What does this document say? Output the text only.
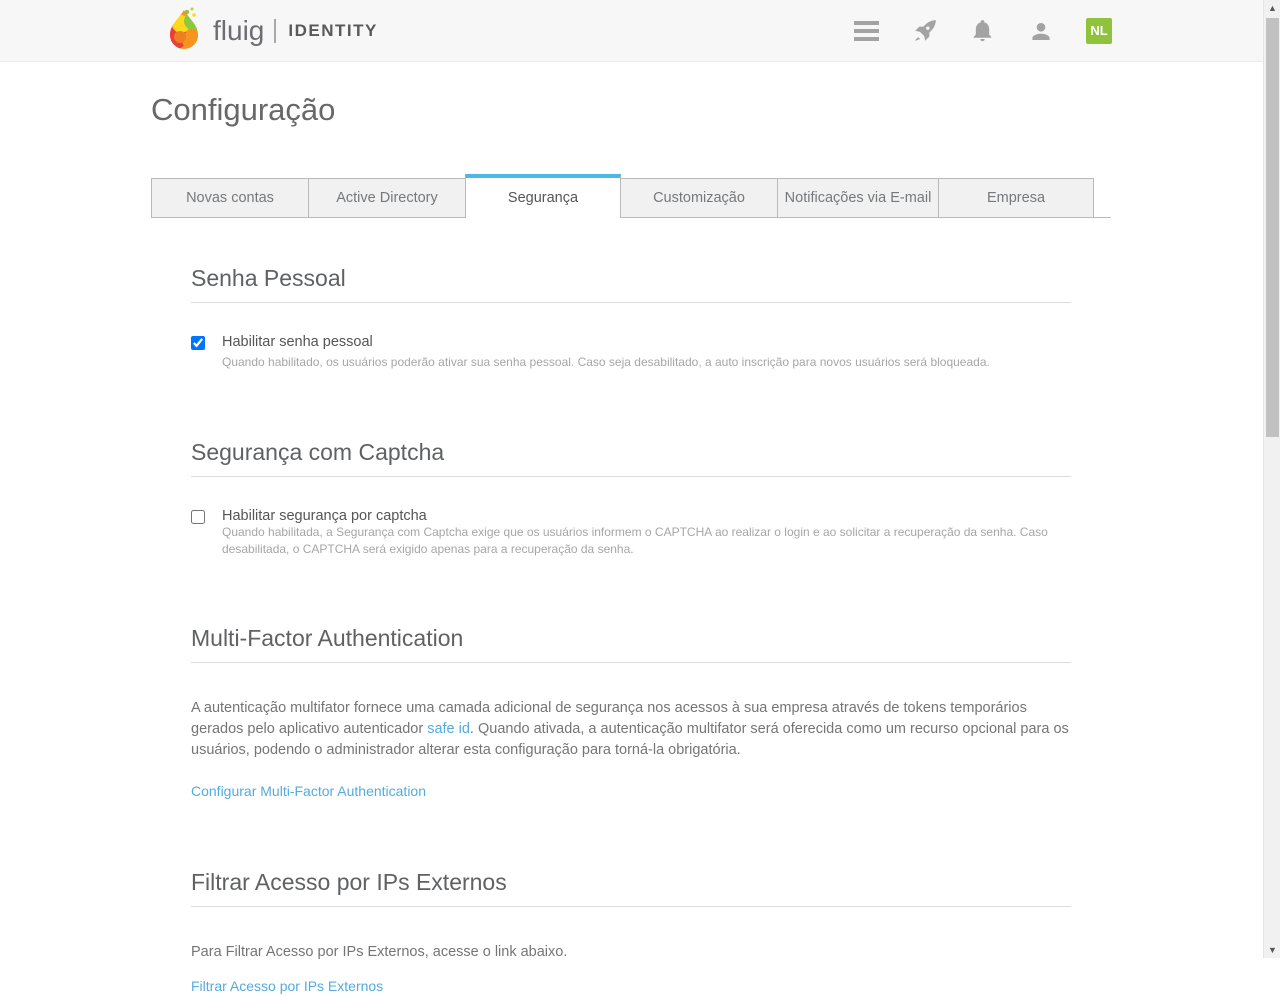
fluig IDENTITY	NL
Configuração
Novas contas	Active Directory	Segurança	Customização	Notificações via E-mail	Empresa
Senha Pessoal
Habilitar senha pessoal
Quando habilitado, os usuários poderão ativar sua senha pessoal. Caso seja desabilitado, a auto inscrição para novos usuários será bloqueada.
Segurança com Captcha
Habilitar segurança por captcha
Quando habilitada, a Segurança com Captcha exige que os usuários informem o CAPTCHA ao realizar o login e ao solicitar a recuperação da senha. Caso desabilitada, o CAPTCHA será exigido apenas para a recuperação da senha.
Multi-Factor Authentication

A autenticação multifator fornece uma camada adicional de segurança nos acessos à sua empresa através de tokens temporários gerados pelo aplicativo autenticador safe id. Quando ativada, a autenticação multifator será oferecida como um recurso opcional para os usuários, podendo o administrador alterar esta configuração para torná-la obrigatória.

Configurar Multi-Factor Authentication
Filtrar Acesso por IPs Externos

Para Filtrar Acesso por IPs Externos, acesse o link abaixo.

Filtrar Acesso por IPs Externos
▲
▼
